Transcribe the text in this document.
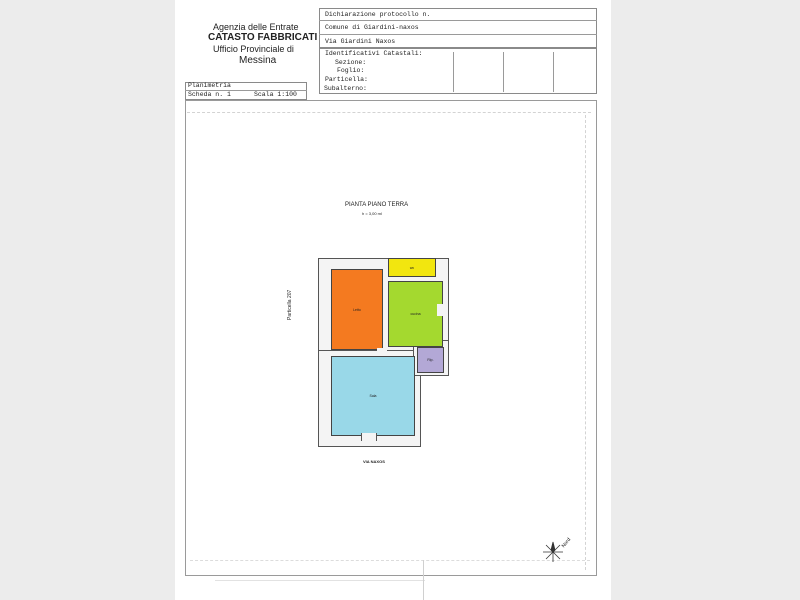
Agenzia delle Entrate
CATASTO FABBRICATI
Ufficio Provinciale di
Messina
Dichiarazione protocollo n.
Comune di Giardini-naxos
Via Giardini Naxos
Identificativi Catastali:
Sezione:
Foglio:
Particella:
Subalterno:
Planimetria
Scheda n. 1	Scala 1:100
PIANTA PIANO TERRA
h = 3,00 ml
Letto
wc
cucina
Rip.
Sala
Particella 207
VIA NAXOS
Nord
